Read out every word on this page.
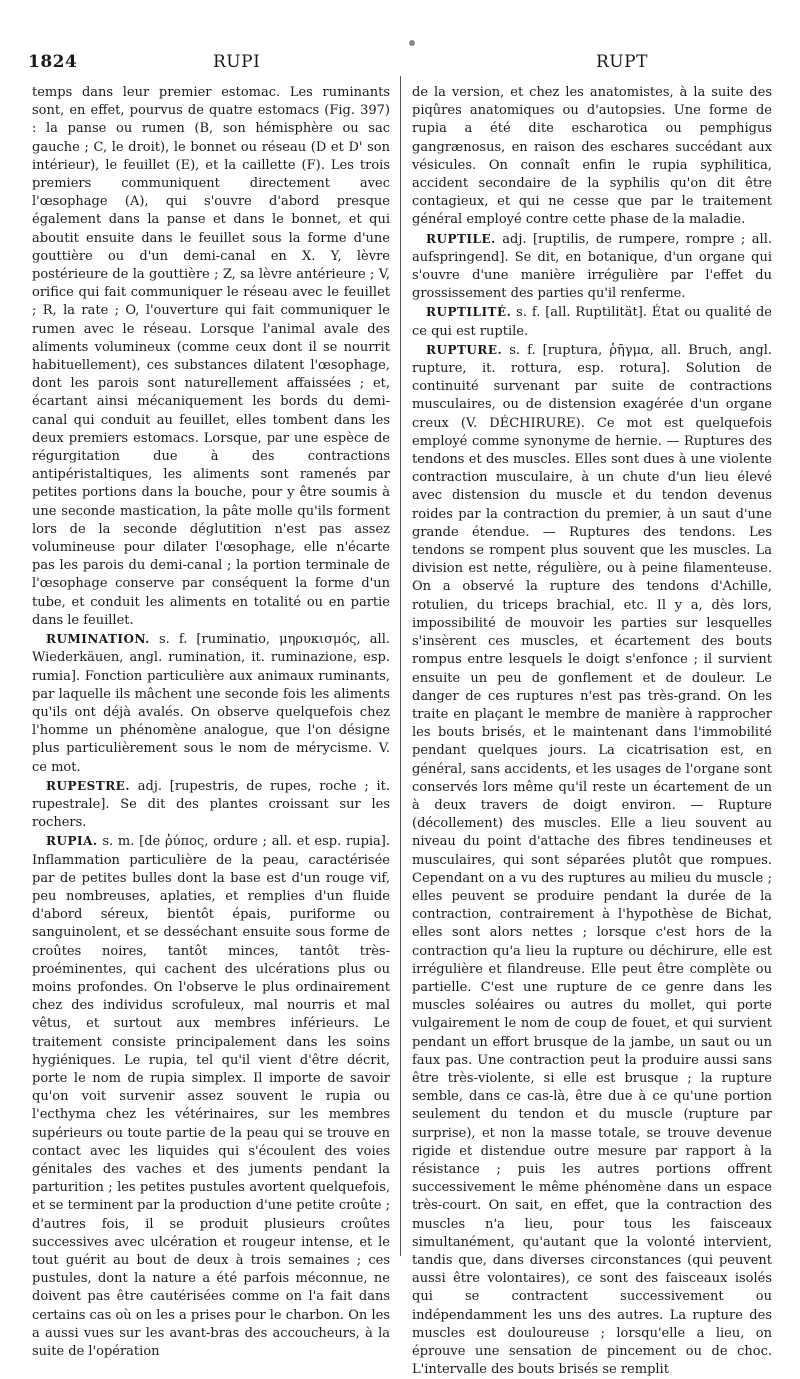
1824	RUPI	RUPT

temps dans leur premier estomac. Les ruminants sont, en effet, pourvus de quatre estomacs (Fig. 397) : la panse ou rumen (B, son hémisphère ou sac gauche ; C, le droit), le bonnet ou réseau (D et D' son intérieur), le feuillet (E), et la caillette (F). Les trois premiers communiquent directement avec l'œsophage (A), qui s'ouvre d'abord presque également dans la panse et dans le bonnet, et qui aboutit ensuite dans le feuillet sous la forme d'une gouttière ou d'un demi-canal en X. Y, lèvre postérieure de la gouttière ; Z, sa lèvre antérieure ; V, orifice qui fait communiquer le réseau avec le feuillet ; R, la rate ; O, l'ouverture qui fait communiquer le rumen avec le réseau. Lorsque l'animal avale des aliments volumineux (comme ceux dont il se nourrit habituellement), ces substances dilatent l'œsophage, dont les parois sont naturellement affaissées ; et, écartant ainsi mécaniquement les bords du demi-canal qui conduit au feuillet, elles tombent dans les deux premiers estomacs. Lorsque, par une espèce de régurgitation due à des contractions antipéristaltiques, les aliments sont ramenés par petites portions dans la bouche, pour y être soumis à une seconde mastication, la pâte molle qu'ils forment lors de la seconde déglutition n'est pas assez volumineuse pour dilater l'œsophage, elle n'écarte pas les parois du demi-canal ; la portion terminale de l'œsophage conserve par conséquent la forme d'un tube, et conduit les aliments en totalité ou en partie dans le feuillet.

RUMINATION. s. f. [ruminatio, μηρυκισμός, all. Wiederkäuen, angl. rumination, it. ruminazione, esp. rumia]. Fonction particulière aux animaux ruminants, par laquelle ils mâchent une seconde fois les aliments qu'ils ont déjà avalés. On observe quelquefois chez l'homme un phénomène analogue, que l'on désigne plus particulièrement sous le nom de mérycisme. V. ce mot.

RUPESTRE. adj. [rupestris, de rupes, roche ; it. rupestrale]. Se dit des plantes croissant sur les rochers.

RUPIA. s. m. [de ῥύπος, ordure ; all. et esp. rupia]. Inflammation particulière de la peau, caractérisée par de petites bulles dont la base est d'un rouge vif, peu nombreuses, aplaties, et remplies d'un fluide d'abord séreux, bientôt épais, puriforme ou sanguinolent, et se desséchant ensuite sous forme de croûtes noires, tantôt minces, tantôt très-proéminentes, qui cachent des ulcérations plus ou moins profondes. On l'observe le plus ordinairement chez des individus scrofuleux, mal nourris et mal vêtus, et surtout aux membres inférieurs. Le traitement consiste principalement dans les soins hygiéniques. Le rupia, tel qu'il vient d'être décrit, porte le nom de rupia simplex. Il importe de savoir qu'on voit survenir assez souvent le rupia ou l'ecthyma chez les vétérinaires, sur les membres supérieurs ou toute partie de la peau qui se trouve en contact avec les liquides qui s'écoulent des voies génitales des vaches et des juments pendant la parturition ; les petites pustules avortent quelquefois, et se terminent par la production d'une petite croûte ; d'autres fois, il se produit plusieurs croûtes successives avec ulcération et rougeur intense, et le tout guérit au bout de deux à trois semaines ; ces pustules, dont la nature a été parfois méconnue, ne doivent pas être cautérisées comme on l'a fait dans certains cas où on les a prises pour le charbon. On les a aussi vues sur les avant-bras des accoucheurs, à la suite de l'opération

de la version, et chez les anatomistes, à la suite des piqûres anatomiques ou d'autopsies. Une forme de rupia a été dite escharotica ou pemphigus gangrænosus, en raison des eschares succédant aux vésicules. On connaît enfin le rupia syphilitica, accident secondaire de la syphilis qu'on dit être contagieux, et qui ne cesse que par le traitement général employé contre cette phase de la maladie.

RUPTILE. adj. [ruptilis, de rumpere, rompre ; all. aufspringend]. Se dit, en botanique, d'un organe qui s'ouvre d'une manière irrégulière par l'effet du grossissement des parties qu'il renferme.

RUPTILITÉ. s. f. [all. Ruptilität]. État ou qualité de ce qui est ruptile.

RUPTURE. s. f. [ruptura, ῥῆγμα, all. Bruch, angl. rupture, it. rottura, esp. rotura]. Solution de continuité survenant par suite de contractions musculaires, ou de distension exagérée d'un organe creux (V. DÉCHIRURE). Ce mot est quelquefois employé comme synonyme de hernie. — Ruptures des tendons et des muscles. Elles sont dues à une violente contraction musculaire, à un chute d'un lieu élevé avec distension du muscle et du tendon devenus roides par la contraction du premier, à un saut d'une grande étendue. — Ruptures des tendons. Les tendons se rompent plus souvent que les muscles. La division est nette, régulière, ou à peine filamenteuse. On a observé la rupture des tendons d'Achille, rotulien, du triceps brachial, etc. Il y a, dès lors, impossibilité de mouvoir les parties sur lesquelles s'insèrent ces muscles, et écartement des bouts rompus entre lesquels le doigt s'enfonce ; il survient ensuite un peu de gonflement et de douleur. Le danger de ces ruptures n'est pas très-grand. On les traite en plaçant le membre de manière à rapprocher les bouts brisés, et le maintenant dans l'immobilité pendant quelques jours. La cicatrisation est, en général, sans accidents, et les usages de l'organe sont conservés lors même qu'il reste un écartement de un à deux travers de doigt environ. — Rupture (décollement) des muscles. Elle a lieu souvent au niveau du point d'attache des fibres tendineuses et musculaires, qui sont séparées plutôt que rompues. Cependant on a vu des ruptures au milieu du muscle ; elles peuvent se produire pendant la durée de la contraction, contrairement à l'hypothèse de Bichat, elles sont alors nettes ; lorsque c'est hors de la contraction qu'a lieu la rupture ou déchirure, elle est irrégulière et filandreuse. Elle peut être complète ou partielle. C'est une rupture de ce genre dans les muscles soléaires ou autres du mollet, qui porte vulgairement le nom de coup de fouet, et qui survient pendant un effort brusque de la jambe, un saut ou un faux pas. Une contraction peut la produire aussi sans être très-violente, si elle est brusque ; la rupture semble, dans ce cas-là, être due à ce qu'une portion seulement du tendon et du muscle (rupture par surprise), et non la masse totale, se trouve devenue rigide et distendue outre mesure par rapport à la résistance ; puis les autres portions offrent successivement le même phénomène dans un espace très-court. On sait, en effet, que la contraction des muscles n'a lieu, pour tous les faisceaux simultanément, qu'autant que la volonté intervient, tandis que, dans diverses circonstances (qui peuvent aussi être volontaires), ce sont des faisceaux isolés qui se contractent successivement ou indépendamment les uns des autres. La rupture des muscles est douloureuse ; lorsqu'elle a lieu, on éprouve une sensation de pincement ou de choc. L'intervalle des bouts brisés se remplit
